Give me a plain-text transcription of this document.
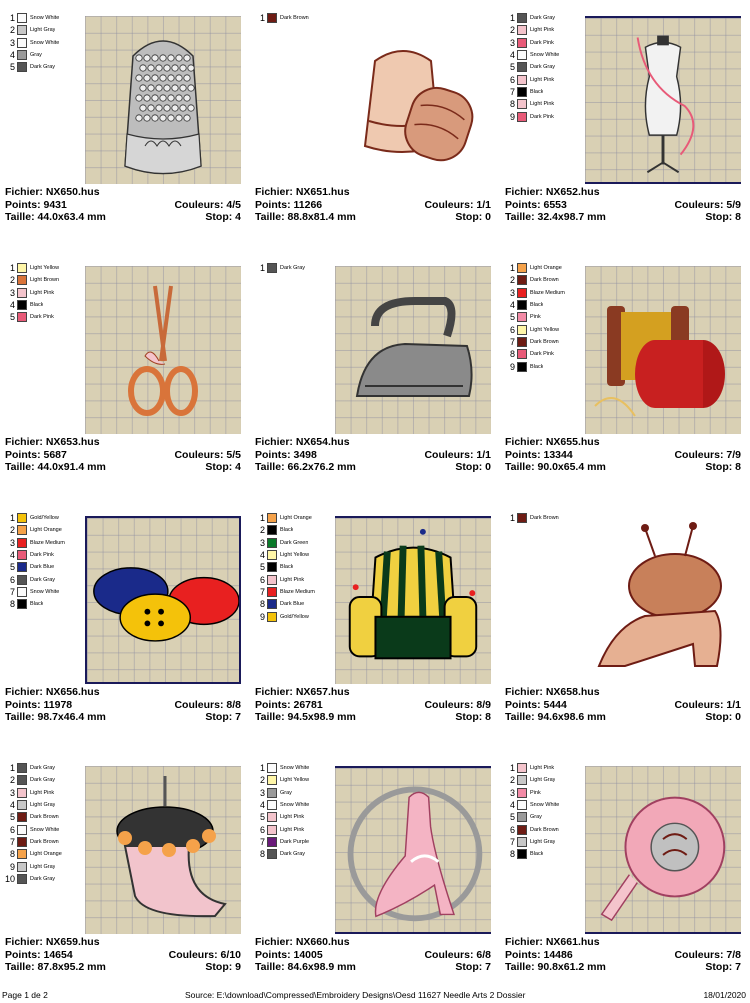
1	Snow White
2	Light Gray
3	Snow White
4	Gray
5	Dark Gray
Fichier: NX650.hus
Points: 9431	Couleurs: 4/5
Taille: 44.0x63.4 mm	Stop: 4
1	Dark Brown
Fichier: NX651.hus
Points: 11266	Couleurs: 1/1
Taille: 88.8x81.4 mm	Stop: 0
1	Dark Gray
2	Light Pink
3	Dark Pink
4	Snow White
5	Dark Gray
6	Light Pink
7	Black
8	Light Pink
9	Dark Pink
Fichier: NX652.hus
Points: 6553	Couleurs: 5/9
Taille: 32.4x98.7 mm	Stop: 8
1	Light Yellow
2	Light Brown
3	Light Pink
4	Black
5	Dark Pink
Fichier: NX653.hus
Points: 5687	Couleurs: 5/5
Taille: 44.0x91.4 mm	Stop: 4
1	Dark Gray
Fichier: NX654.hus
Points: 3498	Couleurs: 1/1
Taille: 66.2x76.2 mm	Stop: 0
1	Light Orange
2	Dark Brown
3	Blaze Medium
4	Black
5	Pink
6	Light Yellow
7	Dark Brown
8	Dark Pink
9	Black
Fichier: NX655.hus
Points: 13344	Couleurs: 7/9
Taille: 90.0x65.4 mm	Stop: 8
1	Gold/Yellow
2	Light Orange
3	Blaze Medium
4	Dark Pink
5	Dark Blue
6	Dark Gray
7	Snow White
8	Black
Fichier: NX656.hus
Points: 11978	Couleurs: 8/8
Taille: 98.7x46.4 mm	Stop: 7
1	Light Orange
2	Black
3	Dark Green
4	Light Yellow
5	Black
6	Light Pink
7	Blaze Medium
8	Dark Blue
9	Gold/Yellow
Fichier: NX657.hus
Points: 26781	Couleurs: 8/9
Taille: 94.5x98.9 mm	Stop: 8
1	Dark Brown
Fichier: NX658.hus
Points: 5444	Couleurs: 1/1
Taille: 94.6x98.6 mm	Stop: 0
1	Dark Gray
2	Dark Gray
3	Light Pink
4	Light Gray
5	Dark Brown
6	Snow White
7	Dark Brown
8	Light Orange
9	Light Gray
10	Dark Gray
Fichier: NX659.hus
Points: 14654	Couleurs: 6/10
Taille: 87.8x95.2 mm	Stop: 9
1	Snow White
2	Light Yellow
3	Gray
4	Snow White
5	Light Pink
6	Light Pink
7	Dark Purple
8	Dark Gray
Fichier: NX660.hus
Points: 14005	Couleurs: 6/8
Taille: 84.6x98.9 mm	Stop: 7
1	Light Pink
2	Light Gray
3	Pink
4	Snow White
5	Gray
6	Dark Brown
7	Light Gray
8	Black
Fichier: NX661.hus
Points: 14486	Couleurs: 7/8
Taille: 90.8x61.2 mm	Stop: 7
Page 1 de 2	Source: E:\download\Compressed\Embroidery Designs\Oesd 11627 Needle Arts 2 Dossier	18/01/2020
